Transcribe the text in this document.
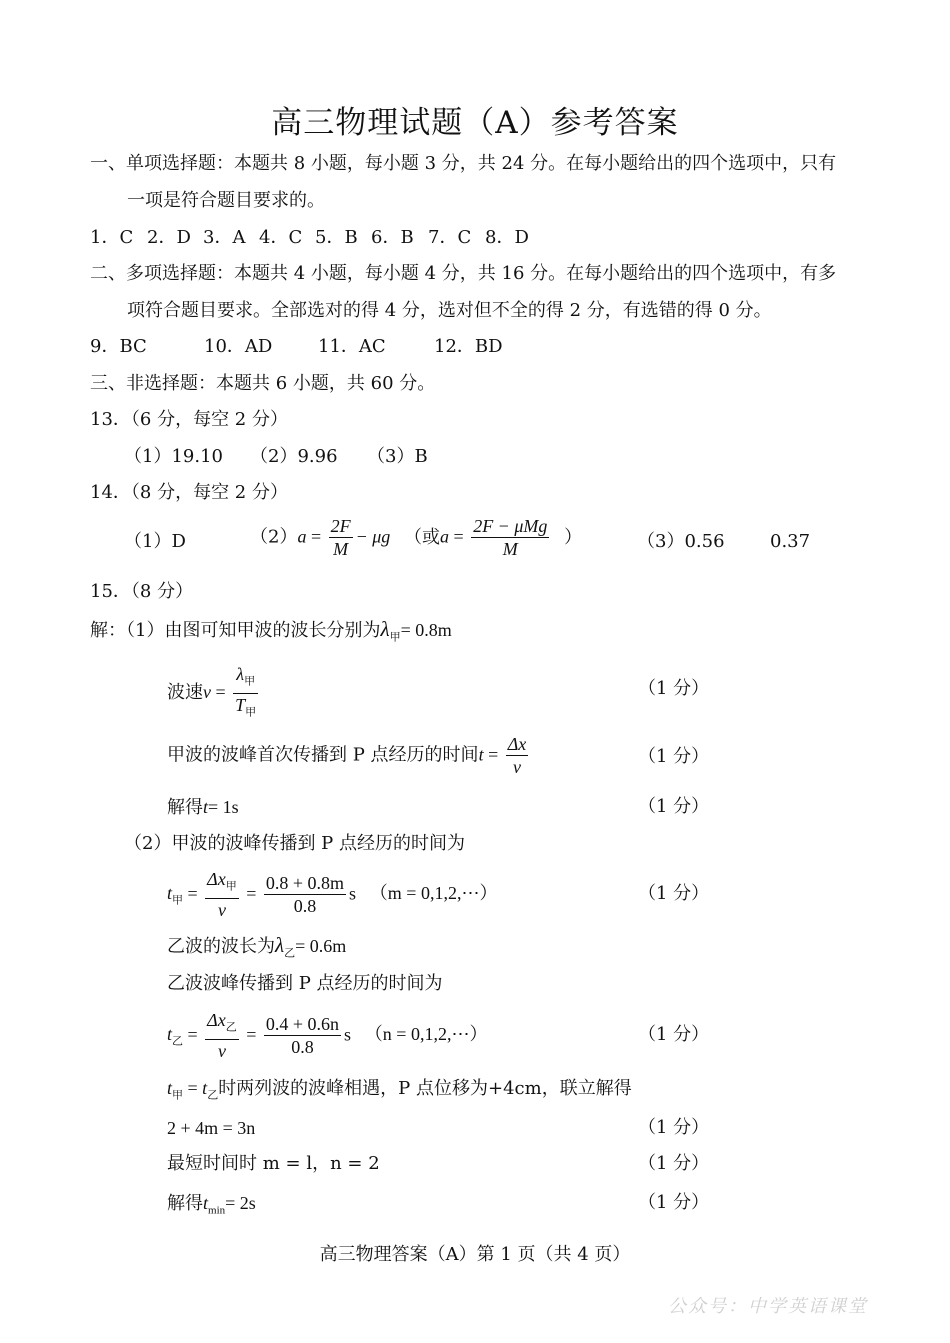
高三物理试题（A）参考答案
一、单项选择题：本题共 8 小题，每小题 3 分，共 24 分。在每小题给出的四个选项中，只有
一项是符合题目要求的。
1．C 2．D 3．A 4．C 5．B 6．B 7．C 8．D
二、多项选择题：本题共 4 小题，每小题 4 分，共 16 分。在每小题给出的四个选项中，有多
项符合题目要求。全部选对的得 4 分，选对但不全的得 2 分，有选错的得 0 分。
9．BC	10．AD	11．AC	12．BD
三、非选择题：本题共 6 小题，共 60 分。
13．（6 分，每空 2 分）
（1）19.10 （2）9.96 （3）B
14．（8 分，每空 2 分）
（1）D	$(2)a = \frac{2F}{M} - \mu g$ （或$a = \frac{\text{2F − μMg}}{M}$ ）	（3）0.56	0.37
15．（8 分）
解：（1）由图可知甲波的波长分别为$\lambda_甲= 0.8m$
波速$v = \frac{\lambda_甲}{T_甲}$	（1 分）
甲波的波峰首次传播到 P 点经历的时间$t = \frac{\Delta x}{v}$	（1 分）
解得t= 1s	（1 分）
（2）甲波的波峰传播到 P 点经历的时间为
$t_甲 = \frac{\Delta x_甲}{v} = \frac{0.8 + 0.8m}{0.8}$ s （m = 0,1,2,⋯）	（1 分）
乙波的波长为$\lambda_乙= 0.6m$
乙波波峰传播到 P 点经历的时间为
$t_乙 = \frac{\Delta x_乙}{v} = \frac{0.4 + 0.6n}{0.8}$ s （n = 0,1,2,⋯）	（1 分）
$t_甲 = t_乙$时两列波的波峰相遇，P 点位移为+4cm，联立解得
2 + 4m = 3n	（1 分）
最短时间时 m = l，n = 2	（1 分）
解得$t_{min}= 2s$	（1 分）
高三物理答案（A）第 1 页（共 4 页）
公众号：中学英语课堂
